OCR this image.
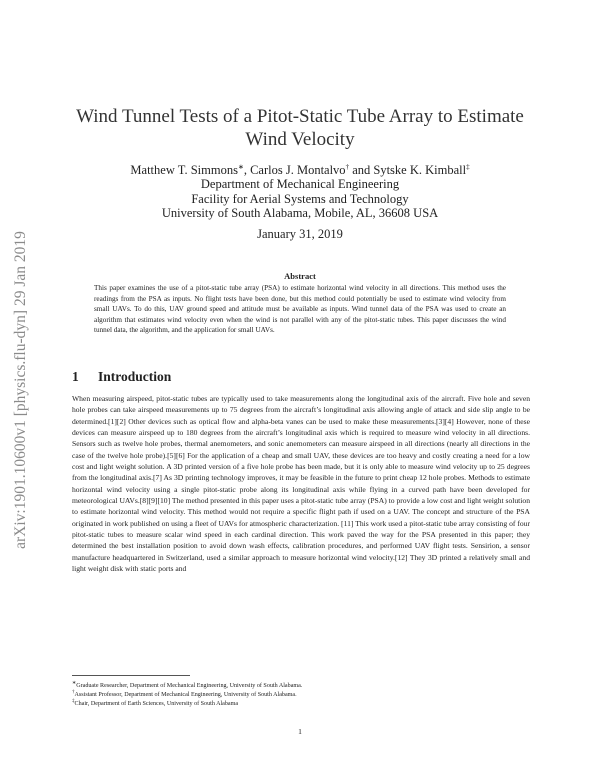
arXiv:1901.10600v1 [physics.flu-dyn] 29 Jan 2019
Wind Tunnel Tests of a Pitot-Static Tube Array to Estimate Wind Velocity
Matthew T. Simmons∗, Carlos J. Montalvo† and Sytske K. Kimball‡
Department of Mechanical Engineering
Facility for Aerial Systems and Technology
University of South Alabama, Mobile, AL, 36608 USA
January 31, 2019
Abstract
This paper examines the use of a pitot-static tube array (PSA) to estimate horizontal wind velocity in all directions. This method uses the readings from the PSA as inputs. No flight tests have been done, but this method could potentially be used to estimate wind velocity from small UAVs. To do this, UAV ground speed and attitude must be available as inputs. Wind tunnel data of the PSA was used to create an algorithm that estimates wind velocity even when the wind is not parallel with any of the pitot-static tubes. This paper discusses the wind tunnel data, the algorithm, and the application for small UAVs.
1 Introduction
When measuring airspeed, pitot-static tubes are typically used to take measurements along the longitudinal axis of the aircraft. Five hole and seven hole probes can take airspeed measurements up to 75 degrees from the aircraft’s longitudinal axis allowing angle of attack and side slip angle to be determined.[1][2] Other devices such as optical flow and alpha-beta vanes can be used to make these measurements.[3][4] However, none of these devices can measure airspeed up to 180 degrees from the aircraft’s longitudinal axis which is required to measure wind velocity in all directions. Sensors such as twelve hole probes, thermal anemometers, and sonic anemometers can measure airspeed in all directions (nearly all directions in the case of the twelve hole probe).[5][6] For the application of a cheap and small UAV, these devices are too heavy and costly creating a need for a low cost and light weight solution. A 3D printed version of a five hole probe has been made, but it is only able to measure wind velocity up to 25 degrees from the longitudinal axis.[7] As 3D printing technology improves, it may be feasible in the future to print cheap 12 hole probes. Methods to estimate horizontal wind velocity using a single pitot-static probe along its longitudinal axis while flying in a curved path have been developed for meteorological UAVs.[8][9][10] The method presented in this paper uses a pitot-static tube array (PSA) to provide a low cost and light weight solution to estimate horizontal wind velocity. This method would not require a specific flight path if used on a UAV. The concept and structure of the PSA originated in work published on using a fleet of UAVs for atmospheric characterization. [11] This work used a pitot-static tube array consisting of four pitot-static tubes to measure scalar wind speed in each cardinal direction. This work paved the way for the PSA presented in this paper; they determined the best installation position to avoid down wash effects, calibration procedures, and performed UAV flight tests. Sensirion, a sensor manufacture headquartered in Switzerland, used a similar approach to measure horizontal wind velocity.[12] They 3D printed a relatively small and light weight disk with static ports and
∗Graduate Researcher, Department of Mechanical Engineering, University of South Alabama.
†Assistant Professor, Department of Mechanical Engineering, University of South Alabama.
‡Chair, Department of Earth Sciences, University of South Alabama
1
